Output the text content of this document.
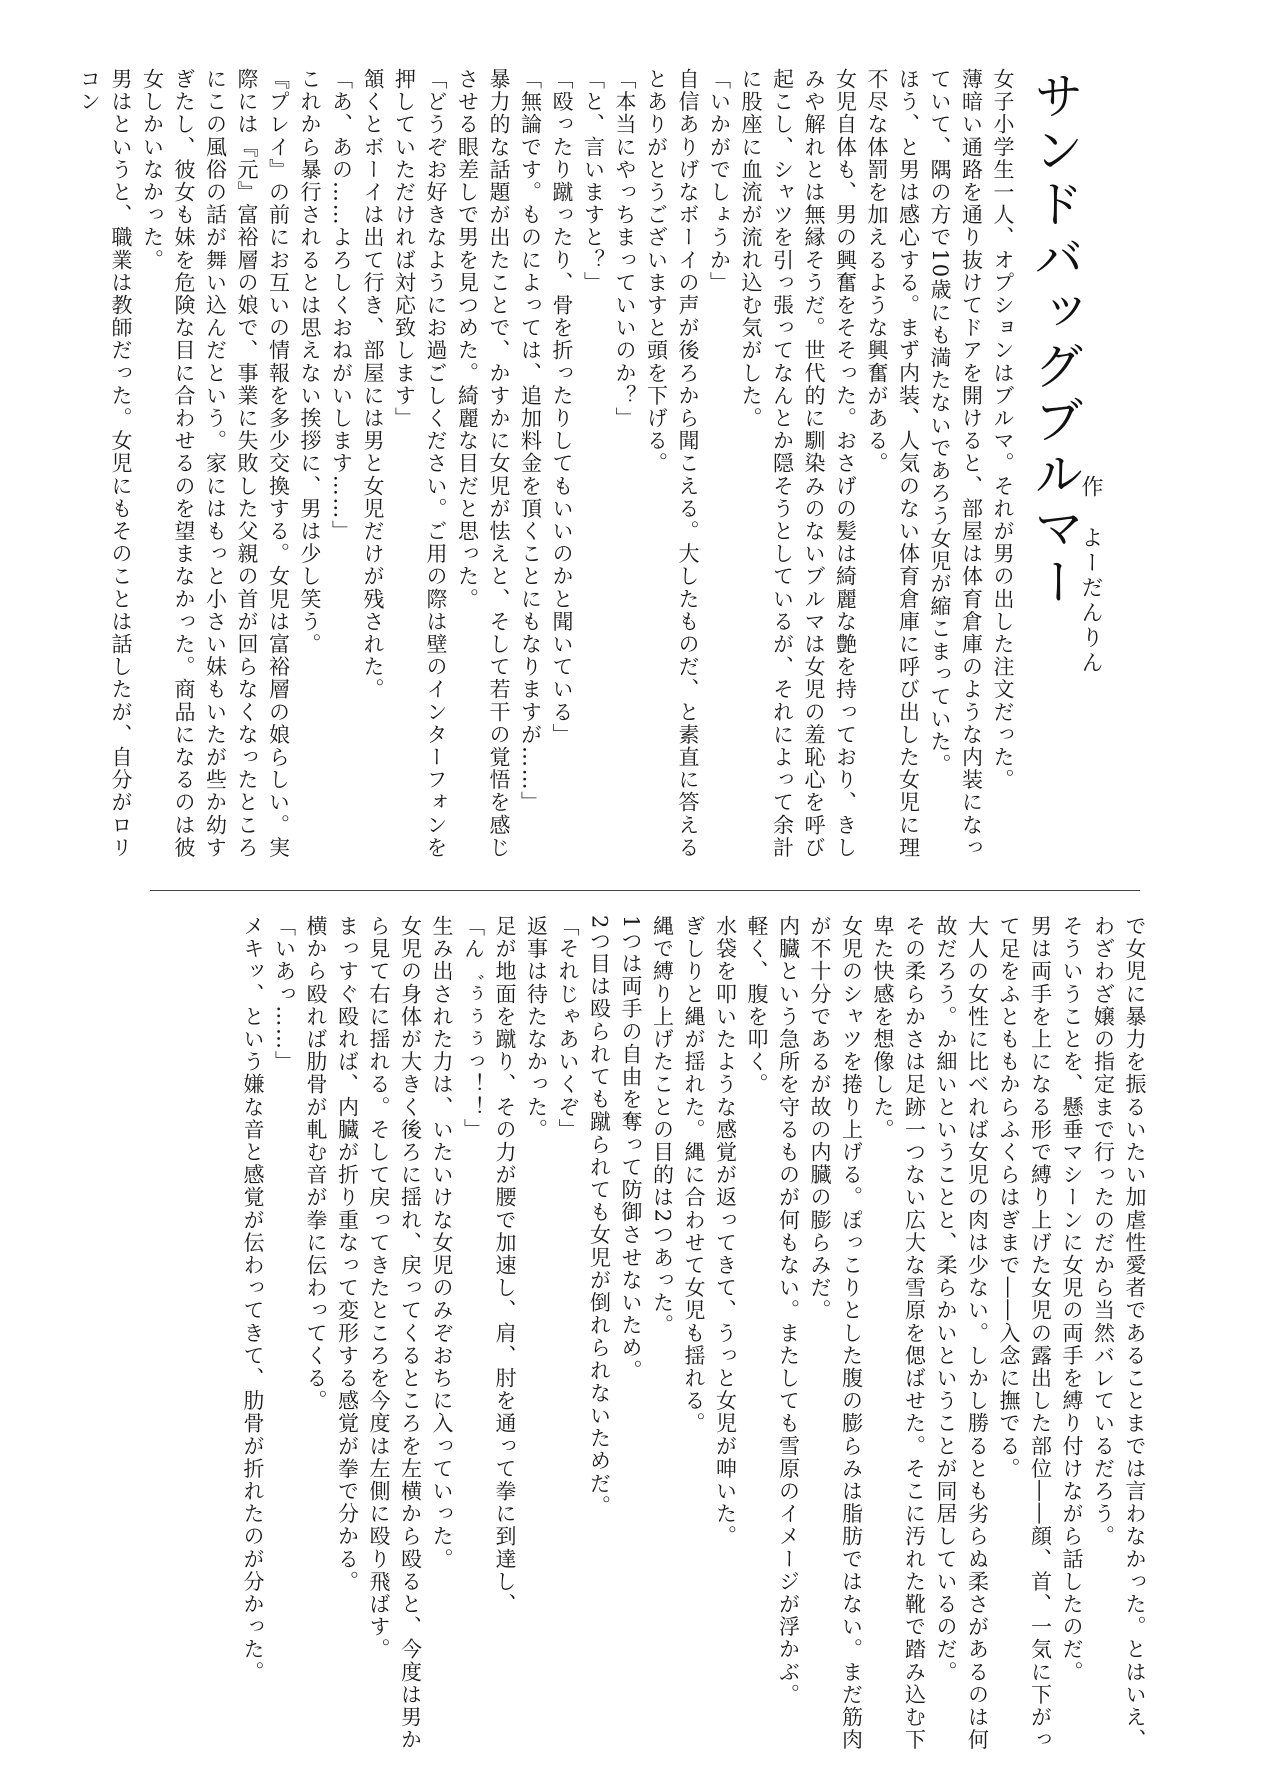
サンドバッグブルマー
作よーだんりん

女子小学生一人、オプションはブルマ。それが男の出した注文だった。

薄暗い通路を通り抜けてドアを開けると、部屋は体育倉庫のような内装になっていて、隅の方で10歳にも満たないであろう女児が縮こまっていた。

ほう、と男は感心する。まず内装、人気のない体育倉庫に呼び出した女児に理不尽な体罰を加えるような興奮がある。

女児自体も、男の興奮をそそった。おさげの髪は綺麗な艶を持っており、きしみや解れとは無縁そうだ。世代的に馴染みのないブルマは女児の羞恥心を呼び起こし、シャツを引っ張ってなんとか隠そうとしているが、それによって余計に股座に血流が流れ込む気がした。

「いかがでしょうか」

自信ありげなボーイの声が後ろから聞こえる。大したものだ、と素直に答えるとありがとうございますと頭を下げる。

「本当にやっちまっていいのか？」

「と、言いますと？」

「殴ったり蹴ったり、骨を折ったりしてもいいのかと聞いている」

「無論です。ものによっては、追加料金を頂くことにもなりますが……」

暴力的な話題が出たことで、かすかに女児が怯えと、そして若干の覚悟を感じさせる眼差しで男を見つめた。綺麗な目だと思った。

「どうぞお好きなようにお過ごしください。ご用の際は壁のインターフォンを押していただければ対応致します」

頷くとボーイは出て行き、部屋には男と女児だけが残された。

「あ、あの……よろしくおねがいします……」

これから暴行されるとは思えない挨拶に、男は少し笑う。

『プレイ』の前にお互いの情報を多少交換する。女児は富裕層の娘らしい。実際には『元』富裕層の娘で、事業に失敗した父親の首が回らなくなったところにこの風俗の話が舞い込んだという。家にはもっと小さい妹もいたが些か幼すぎたし、彼女も妹を危険な目に合わせるのを望まなかった。商品になるのは彼女しかいなかった。

男はというと、職業は教師だった。女児にもそのことは話したが、自分がロリコン

で女児に暴力を振るいたい加虐性愛者であることまでは言わなかった。とはいえ、わざわざ嬢の指定まで行ったのだから当然バレているだろう。

そういうことを、懸垂マシーンに女児の両手を縛り付けながら話したのだ。

男は両手を上になる形で縛り上げた女児の露出した部位――顔、首、一気に下がって足をふとももからふくらはぎまで――入念に撫でる。

大人の女性に比べれば女児の肉は少ない。しかし勝るとも劣らぬ柔さがあるのは何故だろう。か細いということと、柔らかいということが同居しているのだ。

その柔らかさは足跡一つない広大な雪原を偲ばせた。そこに汚れた靴で踏み込む下卑た快感を想像した。

女児のシャツを捲り上げる。ぽっこりとした腹の膨らみは脂肪ではない。まだ筋肉が不十分であるが故の内臓の膨らみだ。

内臓という急所を守るものが何もない。またしても雪原のイメージが浮かぶ。

軽く、腹を叩く。

水袋を叩いたような感覚が返ってきて、うっと女児が呻いた。

ぎしりと縄が揺れた。縄に合わせて女児も揺れる。

縄で縛り上げたことの目的は2つあった。

1つは両手の自由を奪って防御させないため。

2つ目は殴られても蹴られても女児が倒れられないためだ。

「それじゃあいくぞ」

返事は待たなかった。

足が地面を蹴り、その力が腰で加速し、肩、肘を通って拳に到達し、

「ん゛ぅぅぅっ！！」

生み出された力は、いたいけな女児のみぞおちに入っていった。

女児の身体が大きく後ろに揺れ、戻ってくるところを左横から殴ると、今度は男から見て右に揺れる。そして戻ってきたところを今度は左側に殴り飛ばす。

まっすぐ殴れば、内臓が折り重なって変形する感覚が拳で分かる。

横から殴れば肋骨が軋む音が拳に伝わってくる。

「いあっ……」

メキッ、という嫌な音と感覚が伝わってきて、肋骨が折れたのが分かった。
